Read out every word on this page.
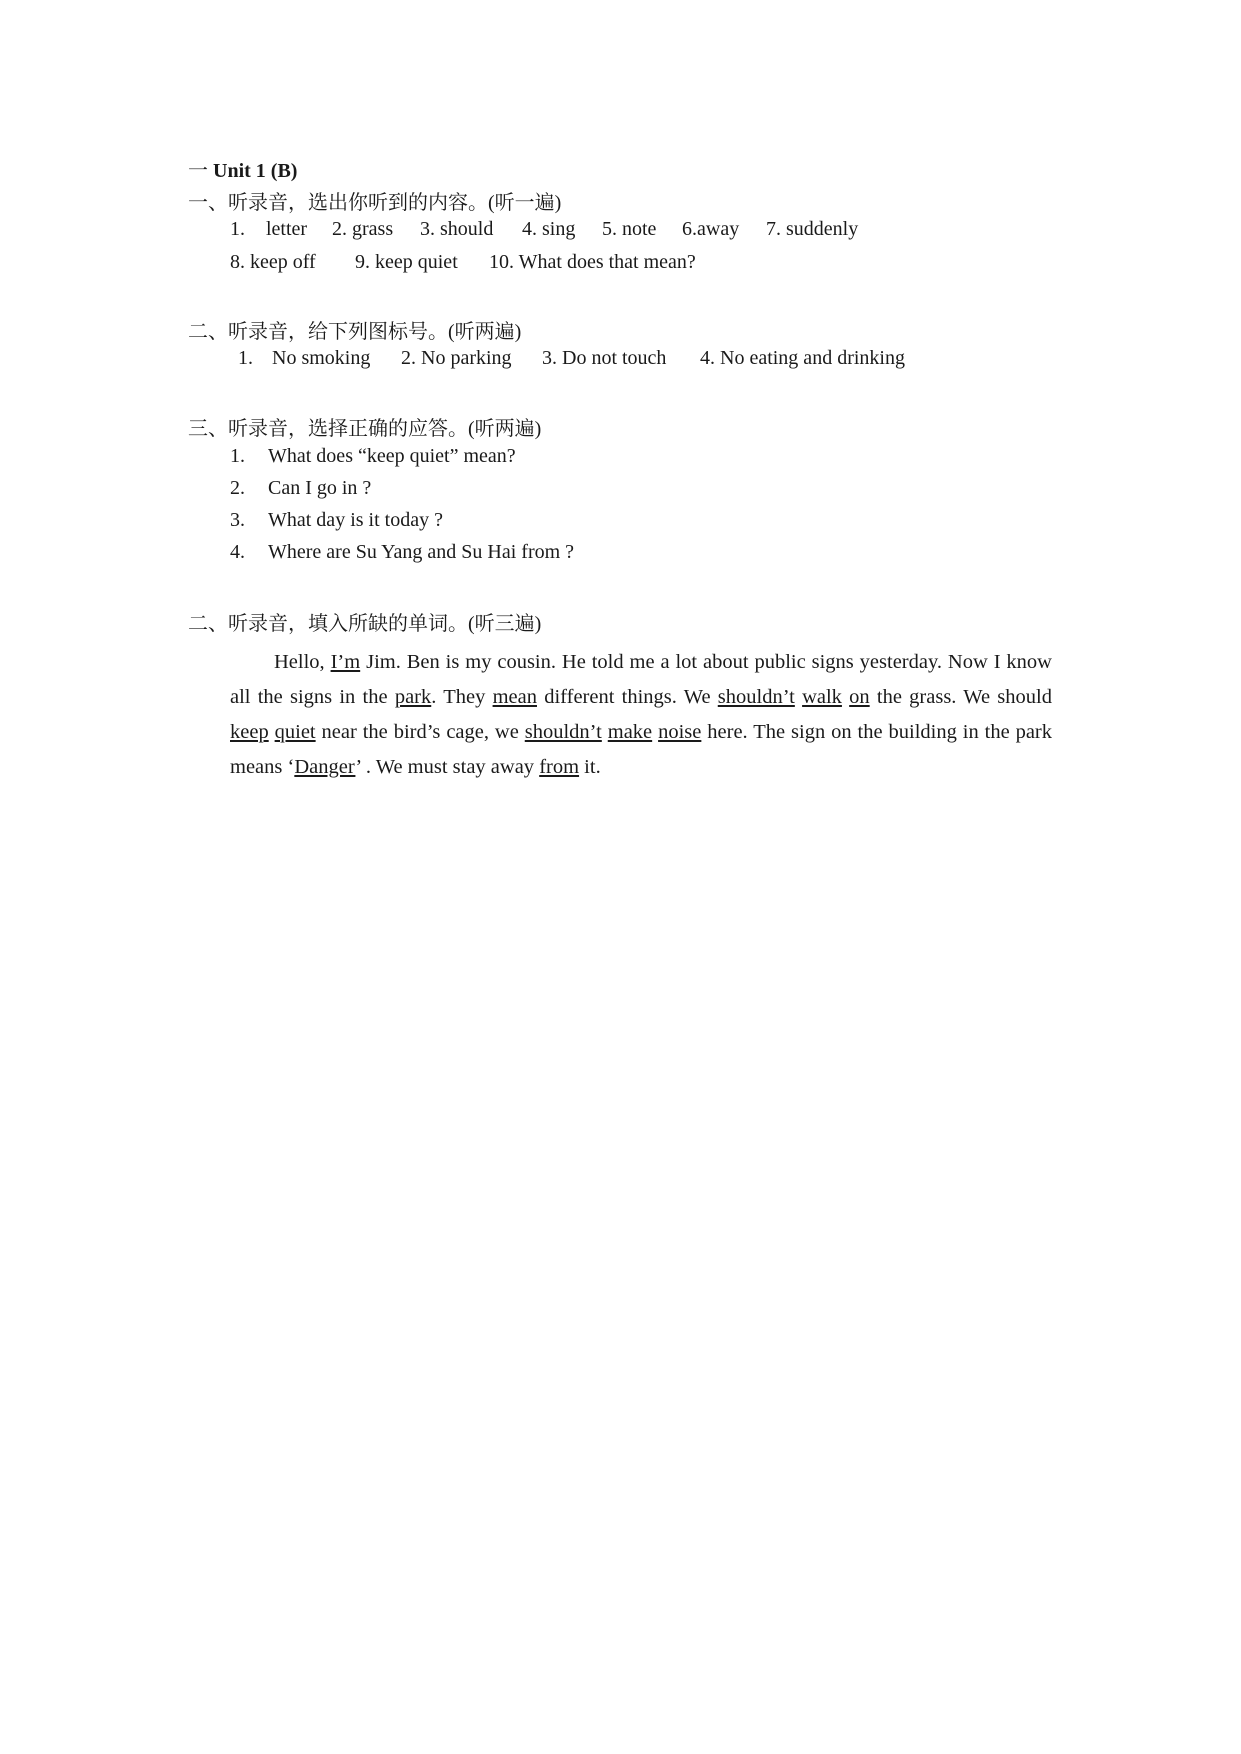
一 Unit 1 (B)
一、听录音，选出你听到的内容。(听一遍)
1. letter 2. grass 3. should 4. sing 5. note 6.away 7. suddenly
8. keep off 9. keep quiet 10. What does that mean?
二、听录音，给下列图标号。(听两遍)
1. No smoking 2. No parking 3. Do not touch 4. No eating and drinking
三、听录音，选择正确的应答。(听两遍)
1. What does “keep quiet” mean?
2. Can I go in ?
3. What day is it today ?
4. Where are Su Yang and Su Hai from ?
二、听录音，填入所缺的单词。(听三遍)
Hello, I’m Jim. Ben is my cousin. He told me a lot about public signs yesterday. Now I know all the signs in the park. They mean different things. We shouldn’t walk on the grass. We should keep quiet near the bird’s cage, we shouldn’t make noise here. The sign on the building in the park means ‘Danger’ . We must stay away from it.
